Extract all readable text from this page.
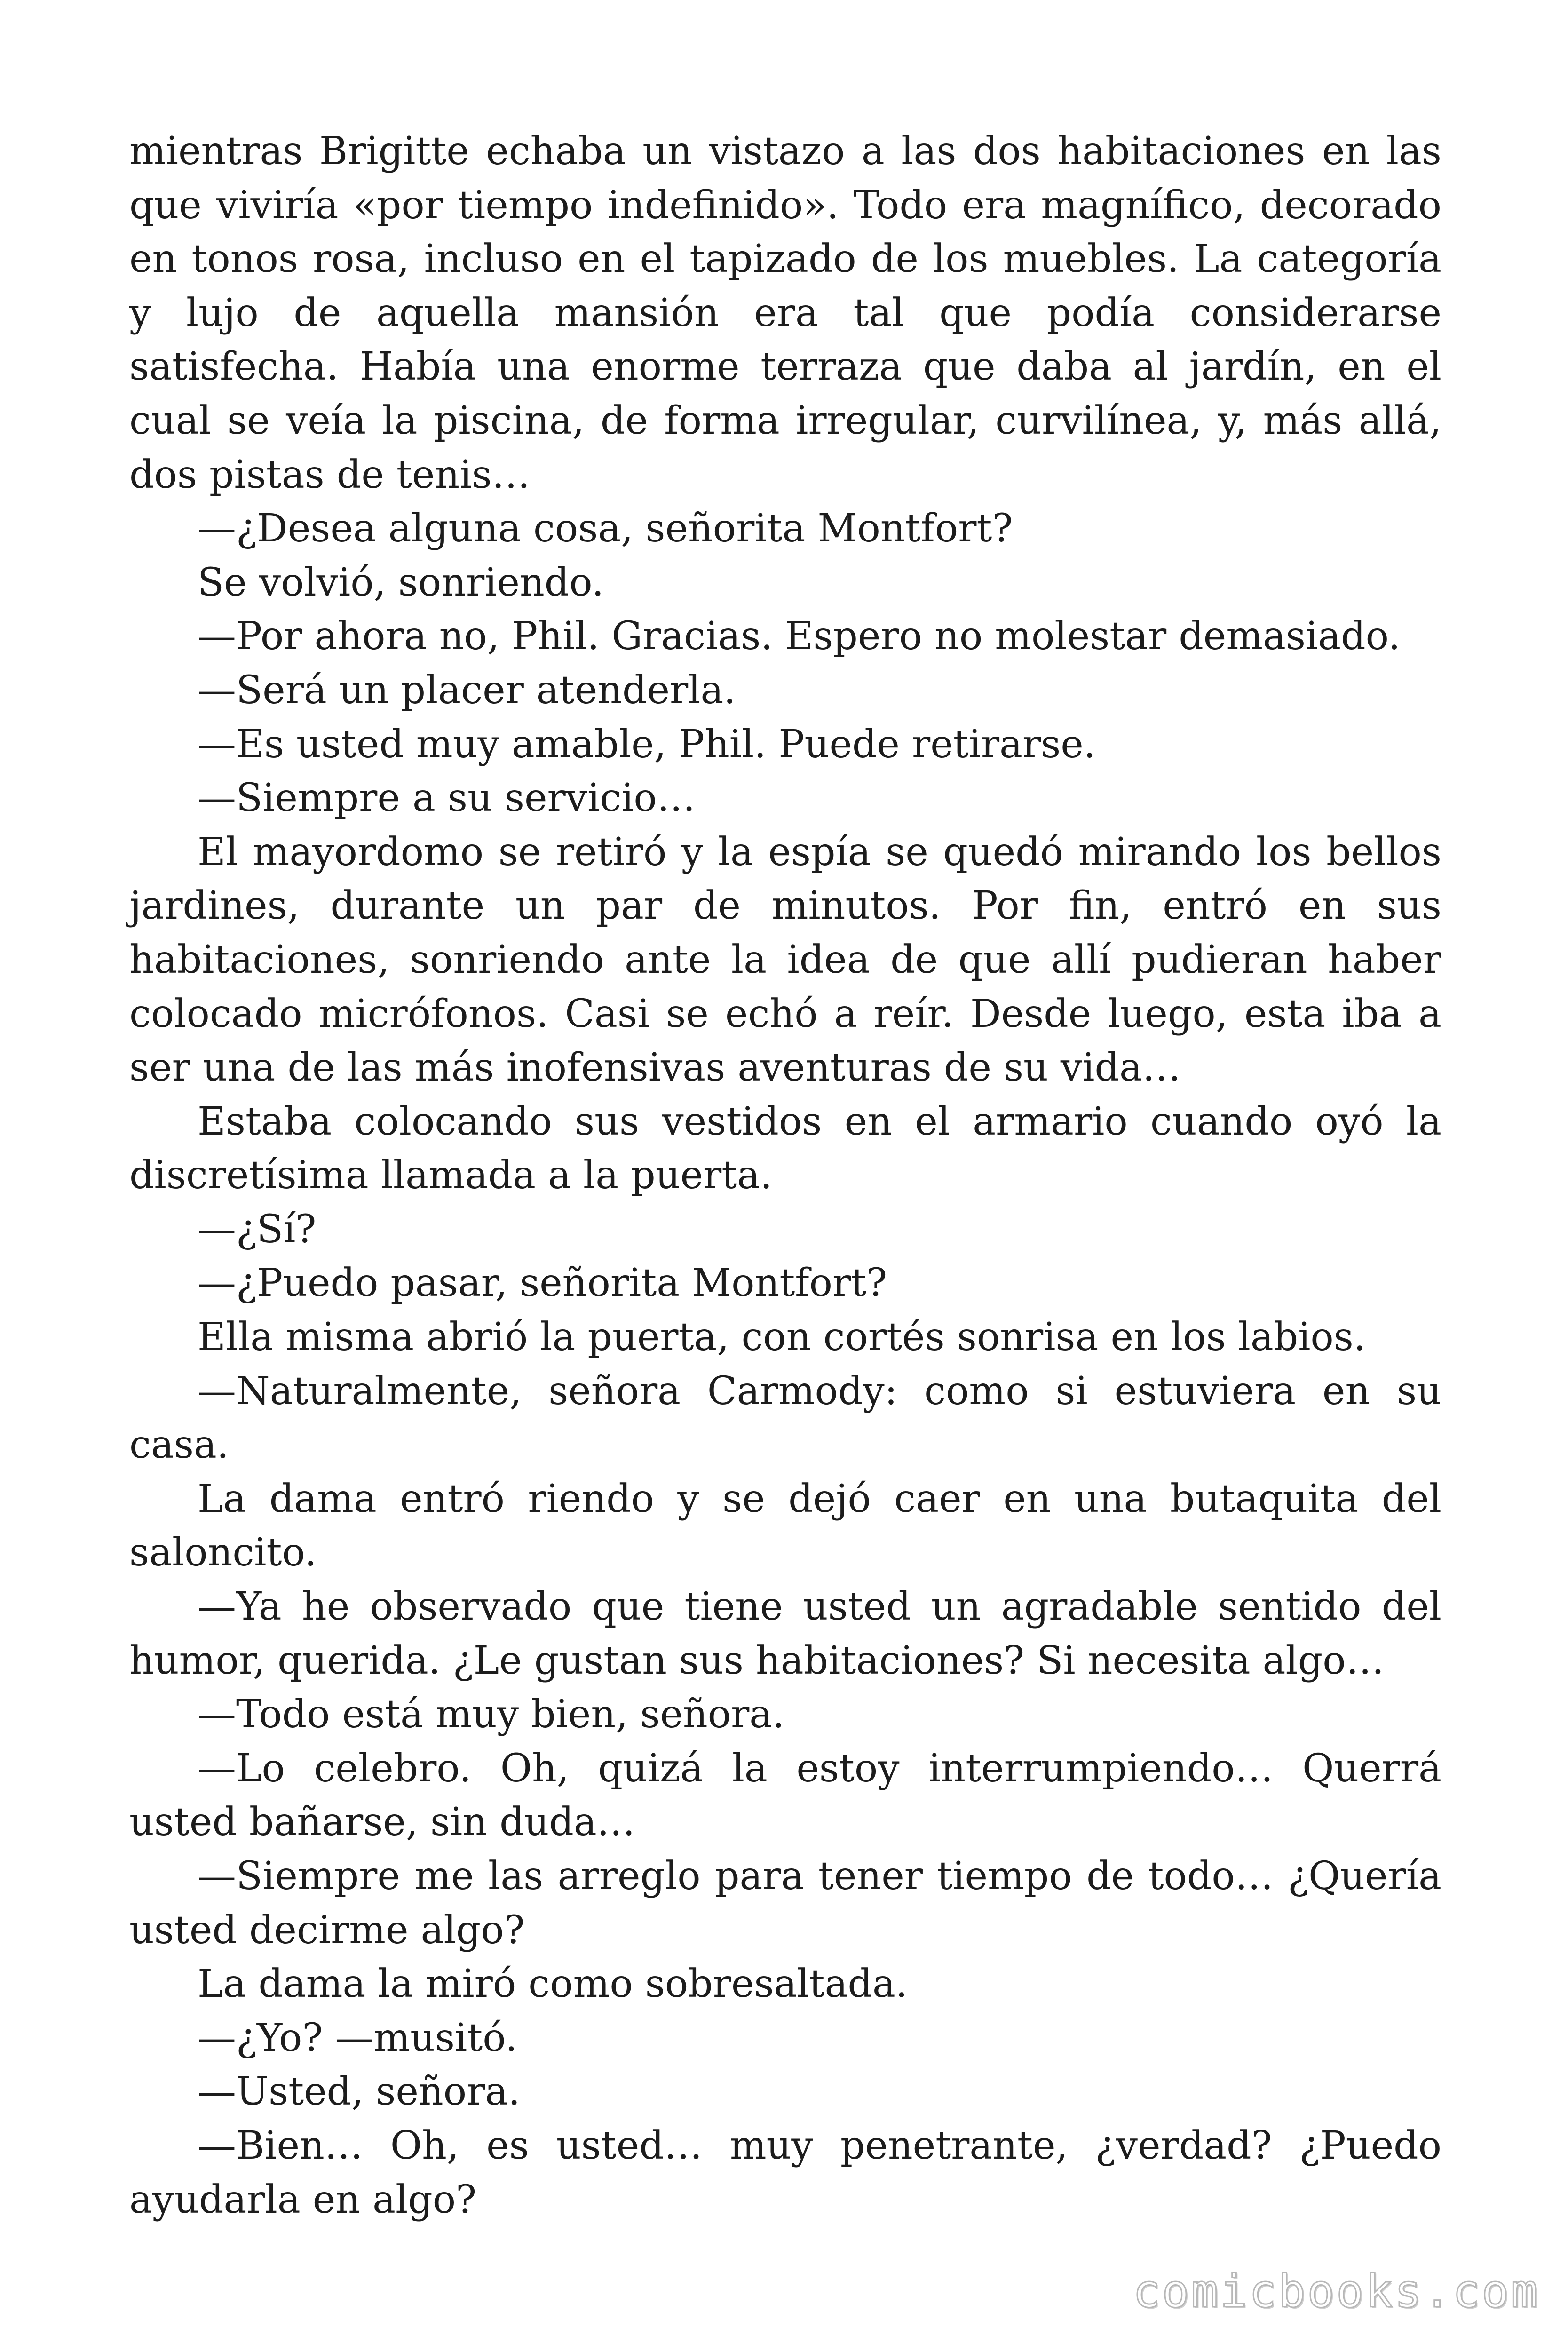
mientras Brigitte echaba un vistazo a las dos habitaciones en las que viviría «por tiempo indefinido». Todo era magnífico, decorado en tonos rosa, incluso en el tapizado de los muebles. La categoría y lujo de aquella mansión era tal que podía considerarse satisfecha. Había una enorme terraza que daba al jardín, en el cual se veía la piscina, de forma irregular, curvilínea, y, más allá, dos pistas de tenis…

—¿Desea alguna cosa, señorita Montfort?

Se volvió, sonriendo.

—Por ahora no, Phil. Gracias. Espero no molestar demasiado.

—Será un placer atenderla.

—Es usted muy amable, Phil. Puede retirarse.

—Siempre a su servicio…

El mayordomo se retiró y la espía se quedó mirando los bellos jardines, durante un par de minutos. Por fin, entró en sus habitaciones, sonriendo ante la idea de que allí pudieran haber colocado micrófonos. Casi se echó a reír. Desde luego, esta iba a ser una de las más inofensivas aventuras de su vida…

Estaba colocando sus vestidos en el armario cuando oyó la discretísima llamada a la puerta.

—¿Sí?

—¿Puedo pasar, señorita Montfort?

Ella misma abrió la puerta, con cortés sonrisa en los labios.

—Naturalmente, señora Carmody: como si estuviera en su casa.

La dama entró riendo y se dejó caer en una butaquita del saloncito.

—Ya he observado que tiene usted un agradable sentido del humor, querida. ¿Le gustan sus habitaciones? Si necesita algo…

—Todo está muy bien, señora.

—Lo celebro. Oh, quizá la estoy interrumpiendo… Querrá usted bañarse, sin duda…

—Siempre me las arreglo para tener tiempo de todo… ¿Quería usted decirme algo?

La dama la miró como sobresaltada.

—¿Yo? —musitó.

—Usted, señora.

—Bien… Oh, es usted… muy penetrante, ¿verdad? ¿Puedo ayudarla en algo?

comicbooks.com
